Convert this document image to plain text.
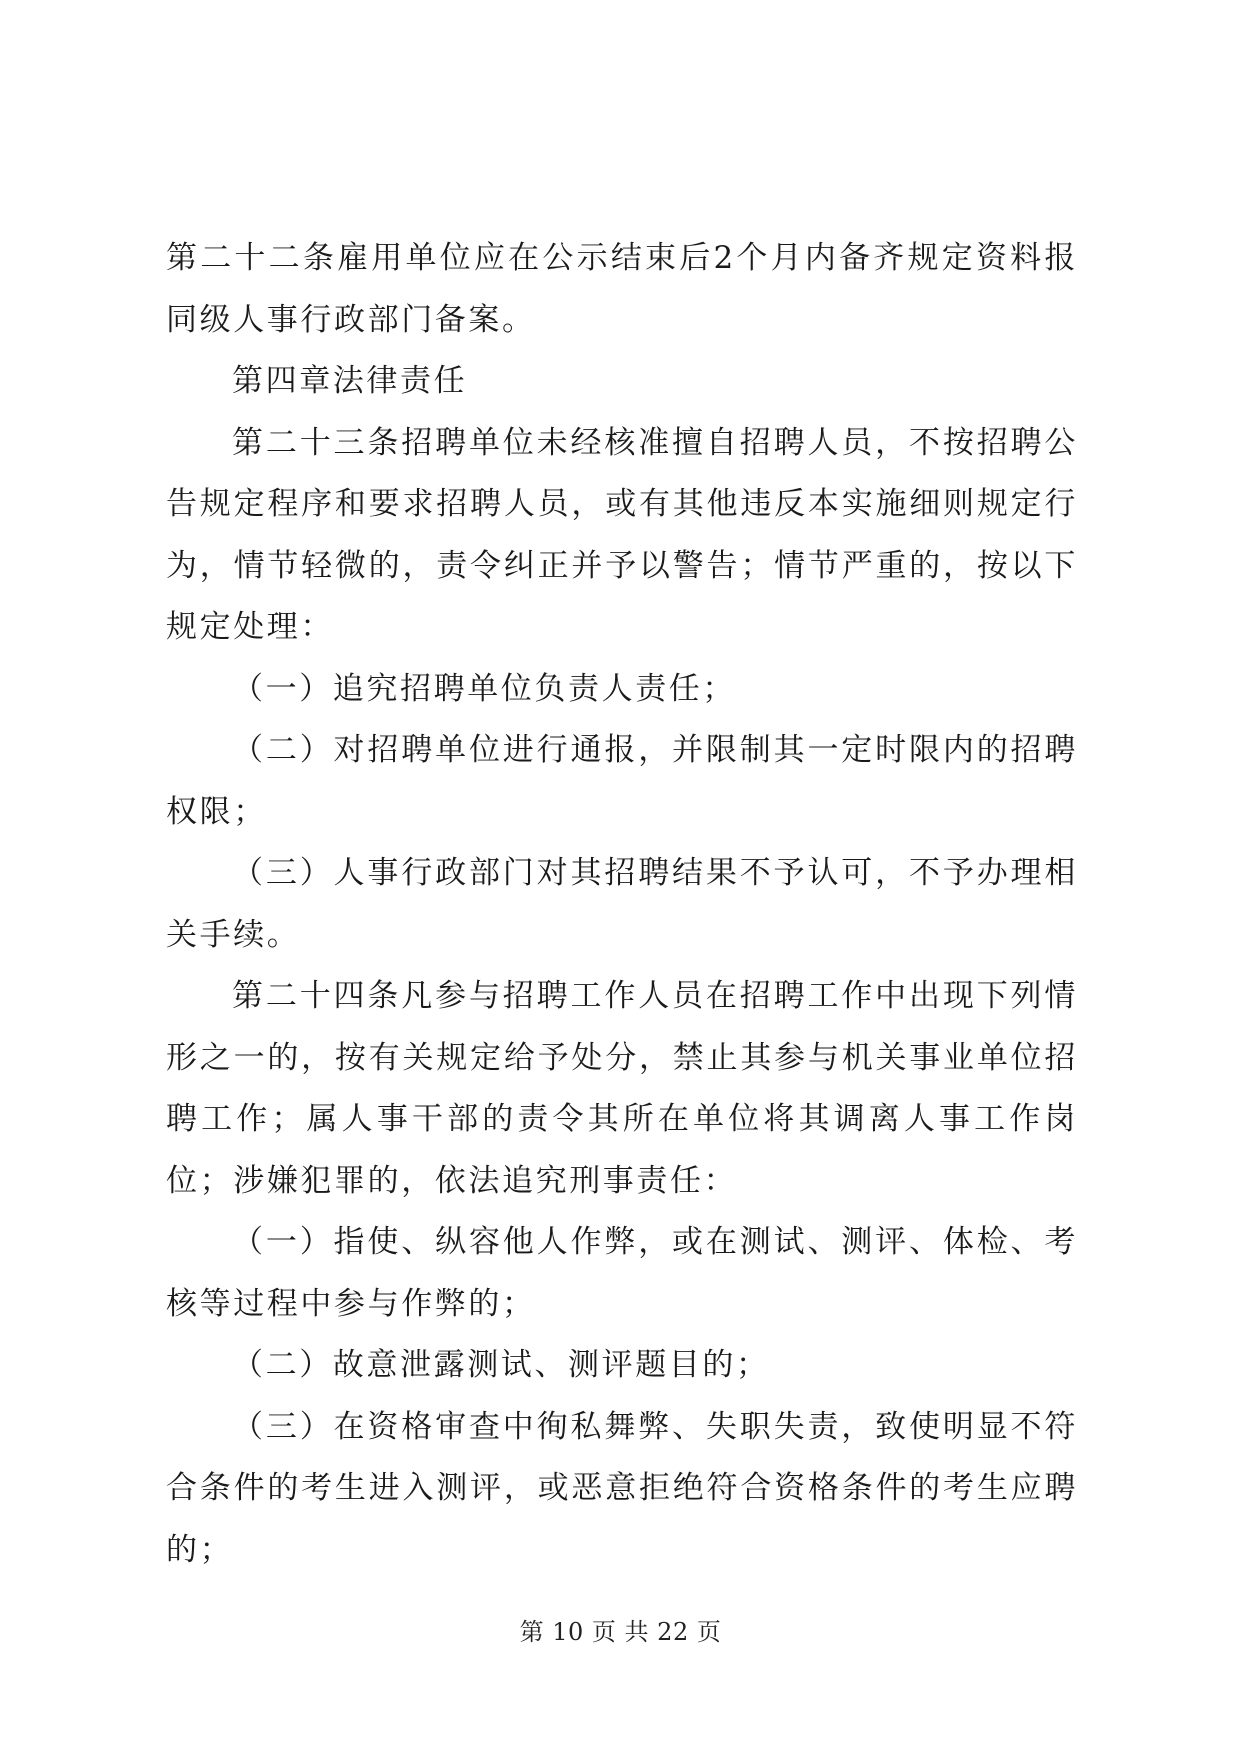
第二十二条雇用单位应在公示结束后2个月内备齐规定资料报同级人事行政部门备案。

第四章法律责任

第二十三条招聘单位未经核准擅自招聘人员，不按招聘公告规定程序和要求招聘人员，或有其他违反本实施细则规定行为，情节轻微的，责令纠正并予以警告；情节严重的，按以下规定处理：

（一）追究招聘单位负责人责任；

（二）对招聘单位进行通报，并限制其一定时限内的招聘权限；

（三）人事行政部门对其招聘结果不予认可，不予办理相关手续。

第二十四条凡参与招聘工作人员在招聘工作中出现下列情形之一的，按有关规定给予处分，禁止其参与机关事业单位招聘工作；属人事干部的责令其所在单位将其调离人事工作岗位；涉嫌犯罪的，依法追究刑事责任：

（一）指使、纵容他人作弊，或在测试、测评、体检、考核等过程中参与作弊的；

（二）故意泄露测试、测评题目的；

（三）在资格审查中徇私舞弊、失职失责，致使明显不符合条件的考生进入测评，或恶意拒绝符合资格条件的考生应聘的；

第 10 页 共 22 页
